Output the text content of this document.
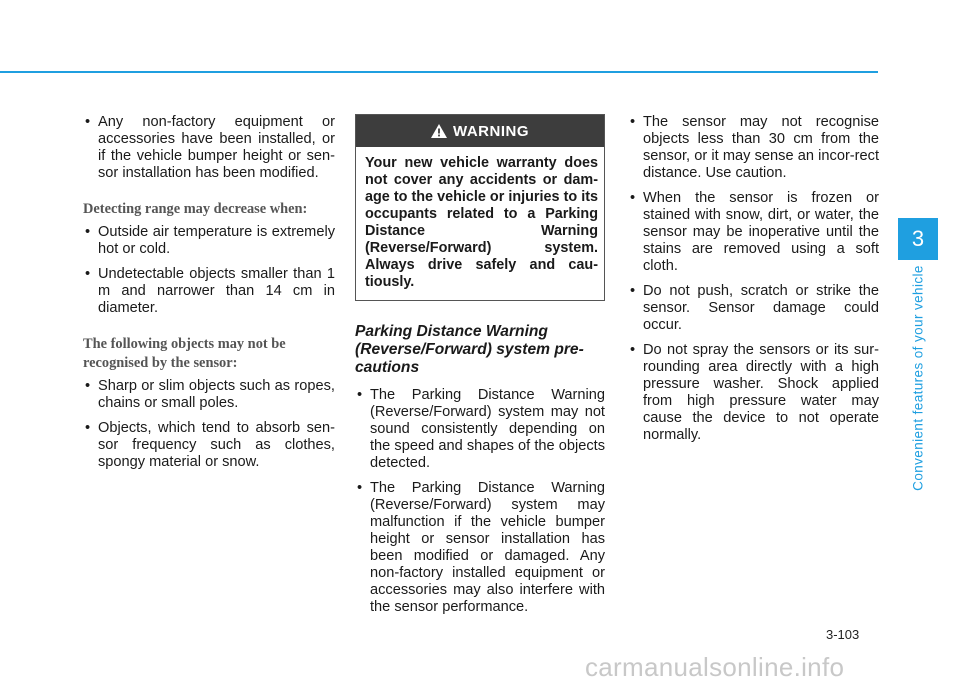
• Any non-factory equipment or accessories have been installed, or if the vehicle bumper height or sen-sor installation has been modified.
Detecting range may decrease when:
• Outside air temperature is extremely hot or cold.
• Undetectable objects smaller than 1 m and narrower than 14 cm in diameter.
The following objects may not be recognised by the sensor:
• Sharp or slim objects such as ropes, chains or small poles.
• Objects, which tend to absorb sen-sor frequency such as clothes, spongy material or snow.
WARNING
Your new vehicle warranty does not cover any accidents or dam-age to the vehicle or injuries to its occupants related to a Parking Distance Warning (Reverse/Forward) system. Always drive safely and cau-tiously.
Parking Distance Warning (Reverse/Forward) system pre-cautions
• The Parking Distance Warning (Reverse/Forward) system may not sound consistently depending on the speed and shapes of the objects detected.
• The Parking Distance Warning (Reverse/Forward) system may malfunction if the vehicle bumper height or sensor installation has been modified or damaged. Any non-factory installed equipment or accessories may also interfere with the sensor performance.
• The sensor may not recognise objects less than 30 cm from the sensor, or it may sense an incor-rect distance. Use caution.
• When the sensor is frozen or stained with snow, dirt, or water, the sensor may be inoperative until the stains are removed using a soft cloth.
• Do not push, scratch or strike the sensor. Sensor damage could occur.
• Do not spray the sensors or its sur-rounding area directly with a high pressure washer. Shock applied from high pressure water may cause the device to not operate normally.
3
Convenient features of your vehicle
3-103
carmanualsonline.info
